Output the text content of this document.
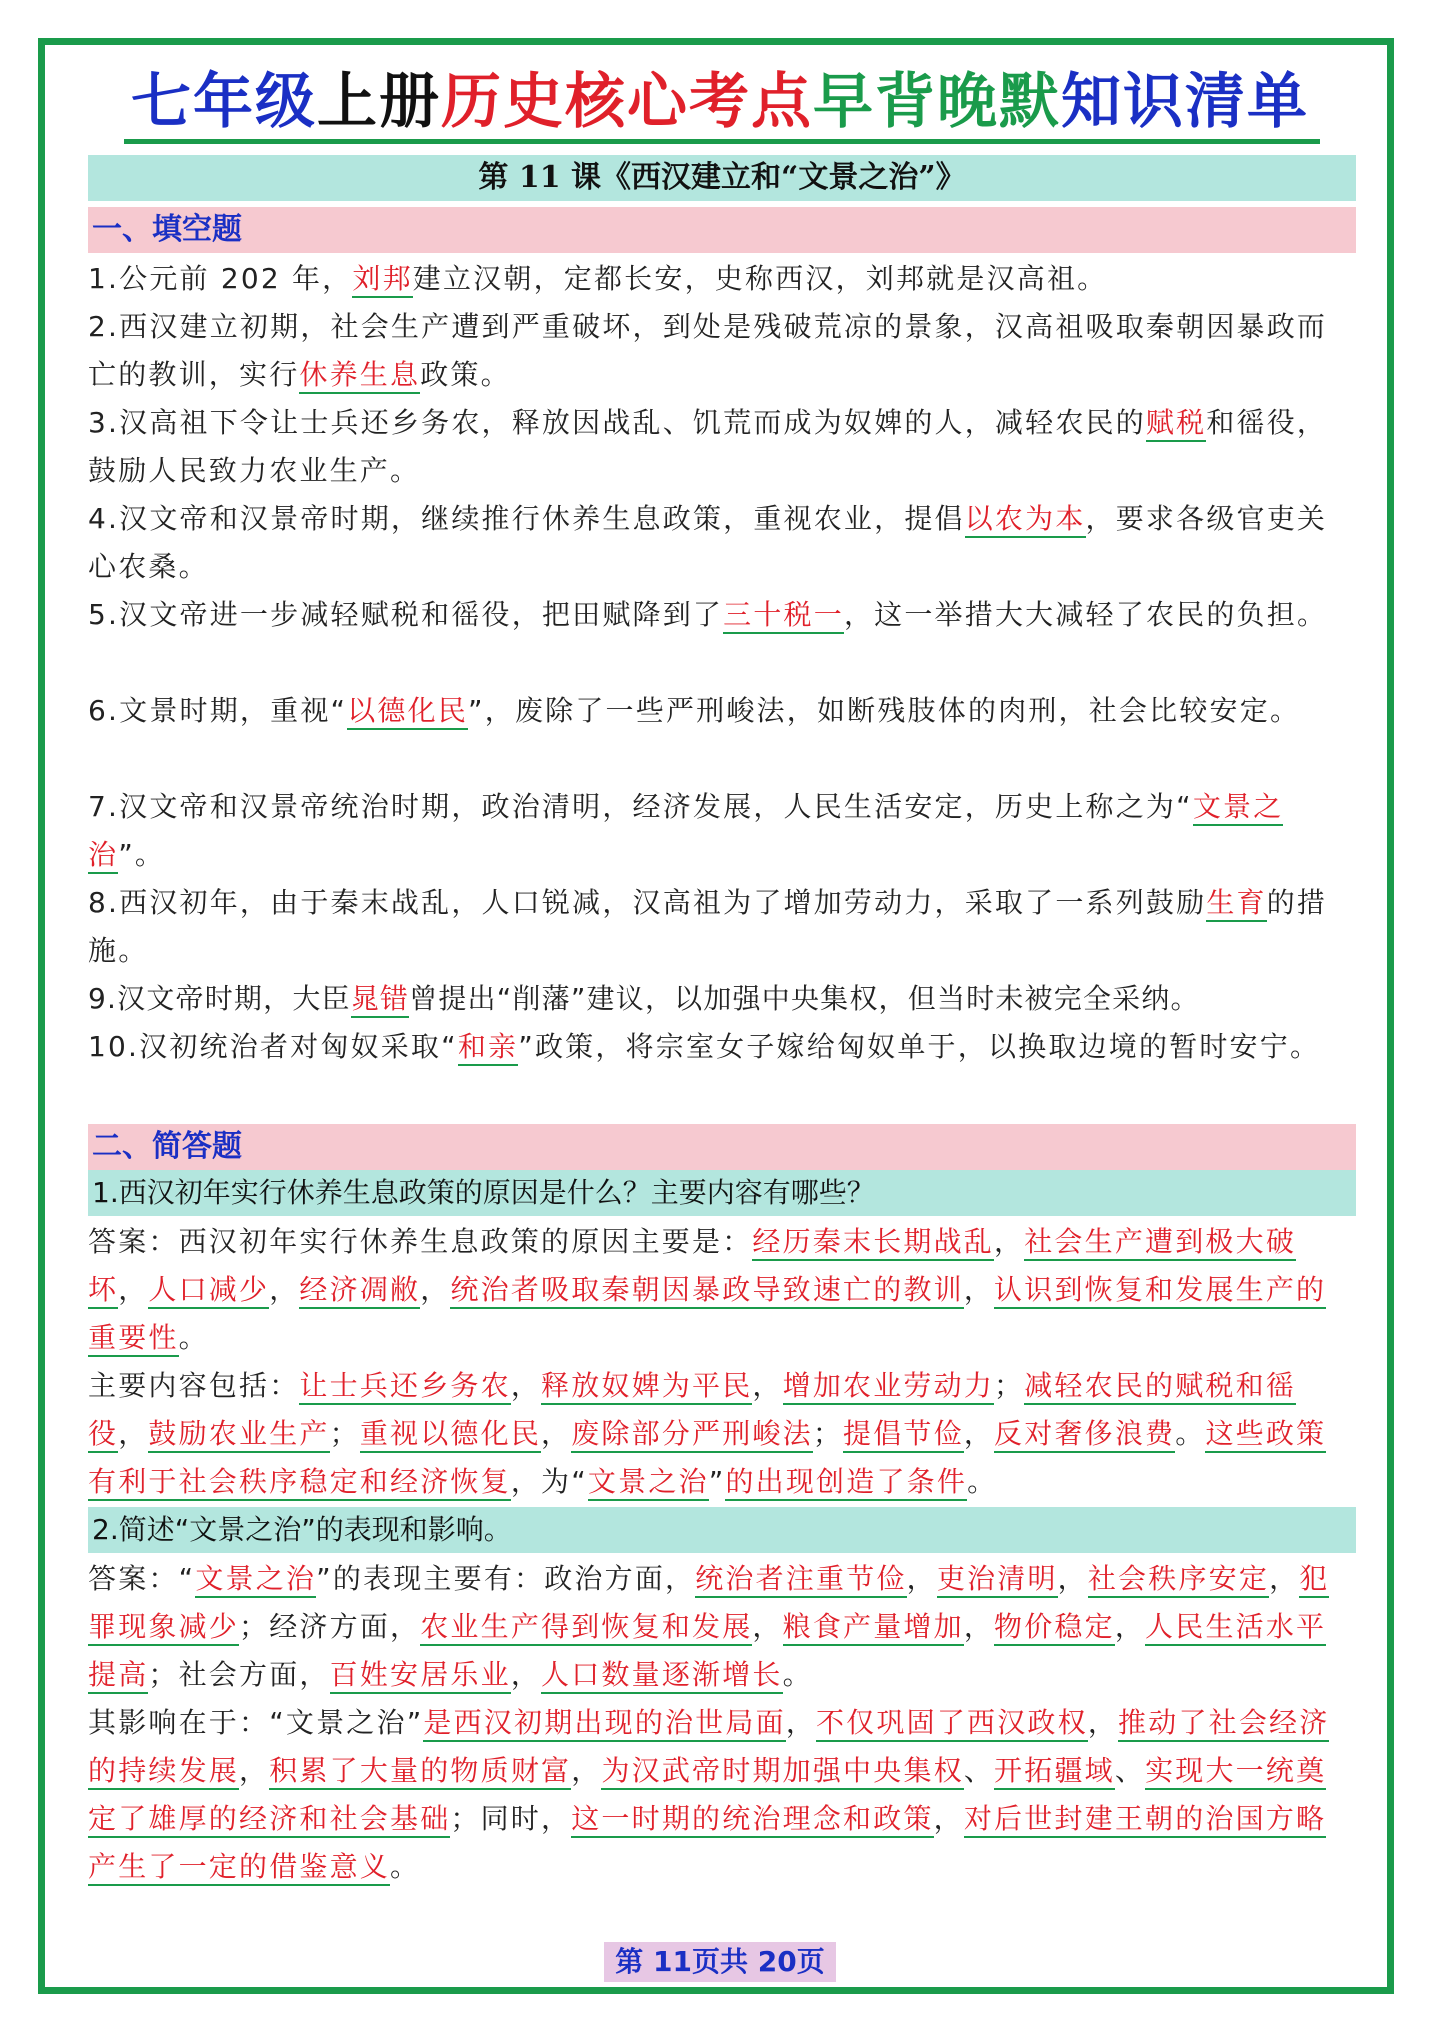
七年级上册历史核心考点早背晚默知识清单
第 11 课《西汉建立和“文景之治”》
一、填空题
1.公元前 202 年，刘邦建立汉朝，定都长安，史称西汉，刘邦就是汉高祖。
2.西汉建立初期，社会生产遭到严重破坏，到处是残破荒凉的景象，汉高祖吸取秦朝因暴政而亡的教训，实行休养生息政策。
3.汉高祖下令让士兵还乡务农，释放因战乱、饥荒而成为奴婢的人，减轻农民的赋税和徭役，鼓励人民致力农业生产。
4.汉文帝和汉景帝时期，继续推行休养生息政策，重视农业，提倡以农为本，要求各级官吏关心农桑。
5.汉文帝进一步减轻赋税和徭役，把田赋降到了三十税一，这一举措大大减轻了农民的负担。
6.文景时期，重视“以德化民”，废除了一些严刑峻法，如断残肢体的肉刑，社会比较安定。
7.汉文帝和汉景帝统治时期，政治清明，经济发展，人民生活安定，历史上称之为“文景之治”。
8.西汉初年，由于秦末战乱，人口锐减，汉高祖为了增加劳动力，采取了一系列鼓励生育的措施。
9.汉文帝时期，大臣晁错曾提出“削藩”建议，以加强中央集权，但当时未被完全采纳。
10.汉初统治者对匈奴采取“和亲”政策，将宗室女子嫁给匈奴单于，以换取边境的暂时安宁。
二、简答题
1.西汉初年实行休养生息政策的原因是什么？主要内容有哪些？
答案：西汉初年实行休养生息政策的原因主要是：经历秦末长期战乱，社会生产遭到极大破坏，人口减少，经济凋敝，统治者吸取秦朝因暴政导致速亡的教训，认识到恢复和发展生产的重要性。
主要内容包括：让士兵还乡务农，释放奴婢为平民，增加农业劳动力；减轻农民的赋税和徭役，鼓励农业生产；重视以德化民，废除部分严刑峻法；提倡节俭，反对奢侈浪费。这些政策有利于社会秩序稳定和经济恢复，为“文景之治”的出现创造了条件。
2.简述“文景之治”的表现和影响。
答案：“文景之治”的表现主要有：政治方面，统治者注重节俭，吏治清明，社会秩序安定，犯罪现象减少；经济方面，农业生产得到恢复和发展，粮食产量增加，物价稳定，人民生活水平提高；社会方面，百姓安居乐业，人口数量逐渐增长。
其影响在于：“文景之治”是西汉初期出现的治世局面，不仅巩固了西汉政权，推动了社会经济的持续发展，积累了大量的物质财富，为汉武帝时期加强中央集权、开拓疆域、实现大一统奠定了雄厚的经济和社会基础；同时，这一时期的统治理念和政策，对后世封建王朝的治国方略产生了一定的借鉴意义。
第 11页共 20页
